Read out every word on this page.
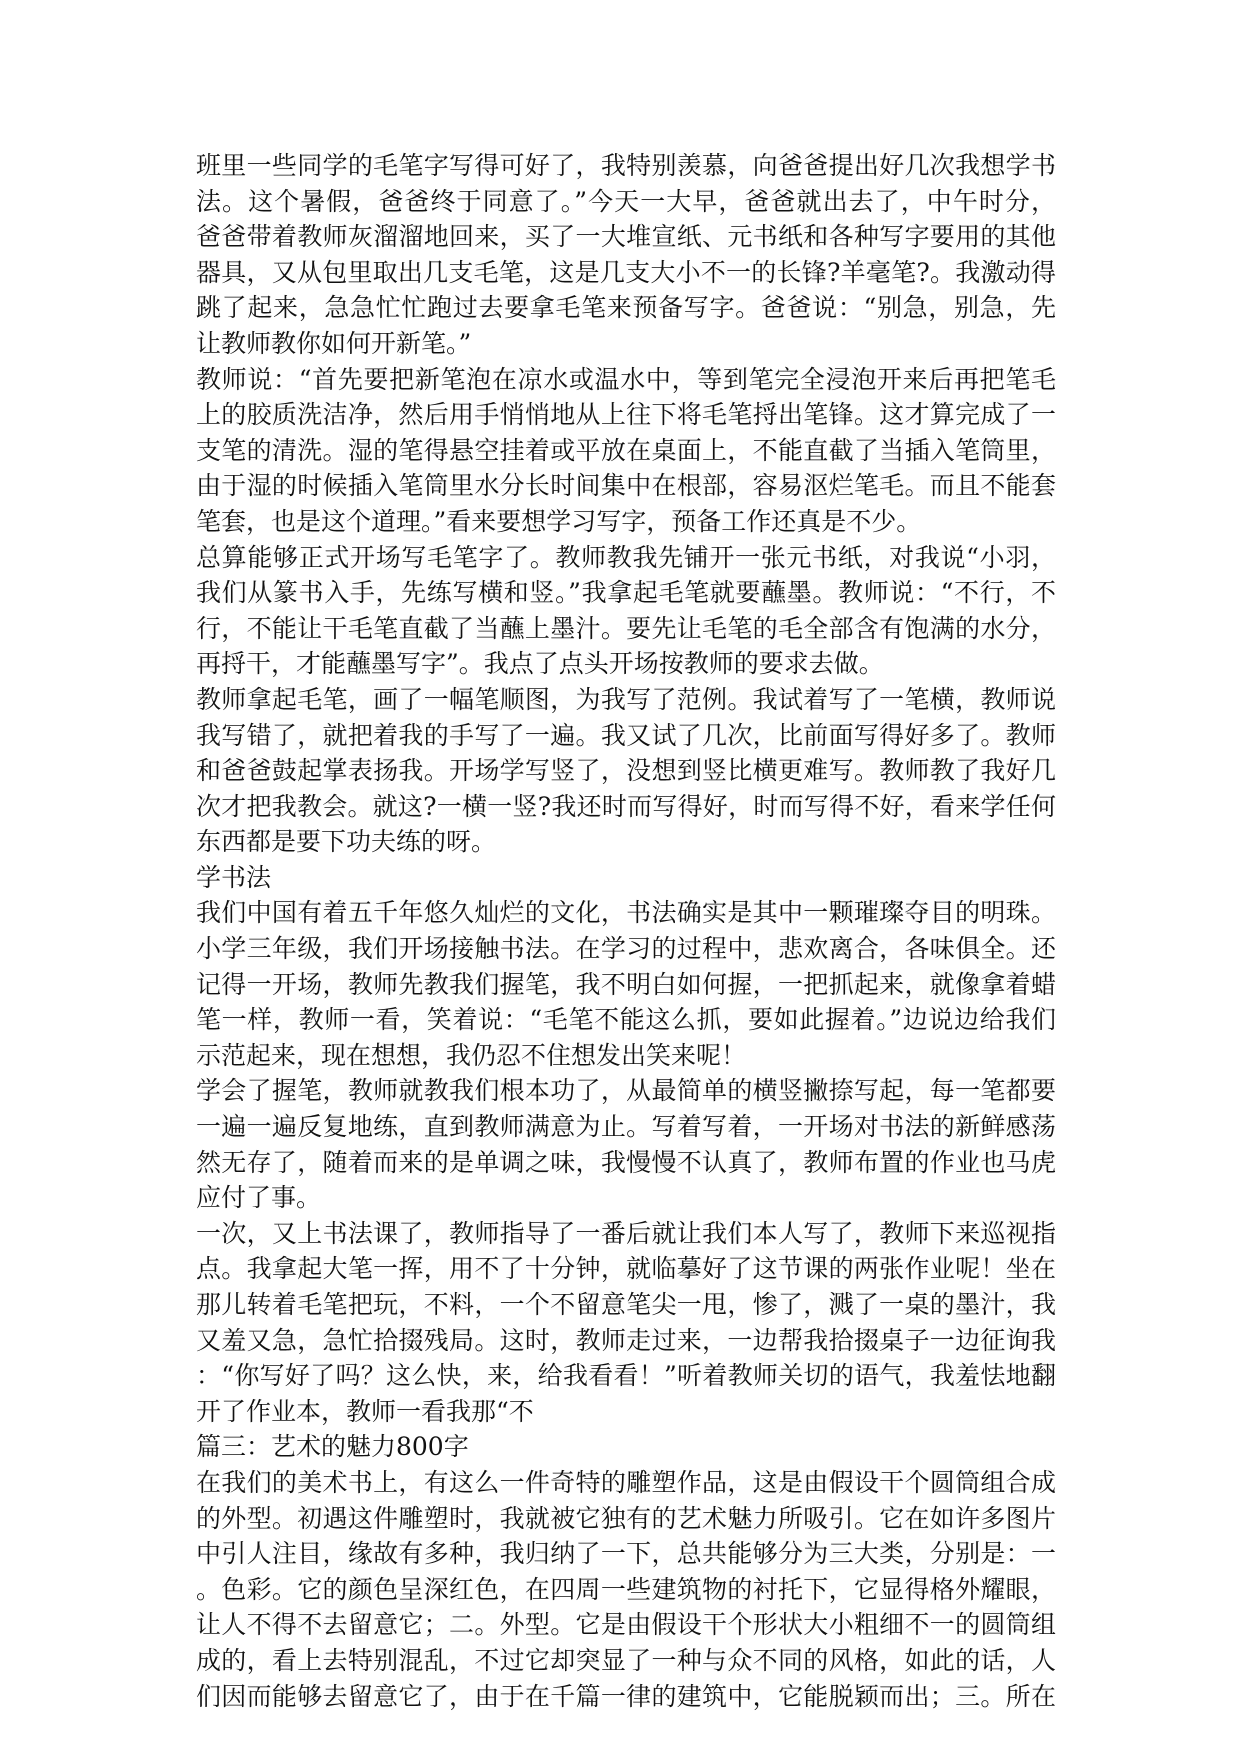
班里一些同学的毛笔字写得可好了，我特别羡慕，向爸爸提出好几次我想学书
法。这个暑假，爸爸终于同意了。”今天一大早，爸爸就出去了，中午时分，
爸爸带着教师灰溜溜地回来，买了一大堆宣纸、元书纸和各种写字要用的其他
器具，又从包里取出几支毛笔，这是几支大小不一的长锋?羊毫笔?。我激动得
跳了起来，急急忙忙跑过去要拿毛笔来预备写字。爸爸说：“别急，别急，先
让教师教你如何开新笔。”
教师说：“首先要把新笔泡在凉水或温水中，等到笔完全浸泡开来后再把笔毛
上的胶质洗洁净，然后用手悄悄地从上往下将毛笔捋出笔锋。这才算完成了一
支笔的清洗。湿的笔得悬空挂着或平放在桌面上，不能直截了当插入笔筒里，
由于湿的时候插入笔筒里水分长时间集中在根部，容易沤烂笔毛。而且不能套
笔套，也是这个道理。”看来要想学习写字，预备工作还真是不少。
总算能够正式开场写毛笔字了。教师教我先铺开一张元书纸，对我说“小羽，
我们从篆书入手，先练写横和竖。”我拿起毛笔就要蘸墨。教师说：“不行，不
行，不能让干毛笔直截了当蘸上墨汁。要先让毛笔的毛全部含有饱满的水分，
再捋干，才能蘸墨写字”。我点了点头开场按教师的要求去做。
教师拿起毛笔，画了一幅笔顺图，为我写了范例。我试着写了一笔横，教师说
我写错了，就把着我的手写了一遍。我又试了几次，比前面写得好多了。教师
和爸爸鼓起掌表扬我。开场学写竖了，没想到竖比横更难写。教师教了我好几
次才把我教会。就这?一横一竖?我还时而写得好，时而写得不好，看来学任何
东西都是要下功夫练的呀。
学书法
我们中国有着五千年悠久灿烂的文化，书法确实是其中一颗璀璨夺目的明珠。
小学三年级，我们开场接触书法。在学习的过程中，悲欢离合，各味俱全。还
记得一开场，教师先教我们握笔，我不明白如何握，一把抓起来，就像拿着蜡
笔一样，教师一看，笑着说：“毛笔不能这么抓，要如此握着。”边说边给我们
示范起来，现在想想，我仍忍不住想发出笑来呢！
学会了握笔，教师就教我们根本功了，从最简单的横竖撇捺写起，每一笔都要
一遍一遍反复地练，直到教师满意为止。写着写着，一开场对书法的新鲜感荡
然无存了，随着而来的是单调之味，我慢慢不认真了，教师布置的作业也马虎
应付了事。
一次，又上书法课了，教师指导了一番后就让我们本人写了，教师下来巡视指
点。我拿起大笔一挥，用不了十分钟，就临摹好了这节课的两张作业呢！坐在
那儿转着毛笔把玩，不料，一个不留意笔尖一甩，惨了，溅了一桌的墨汁，我
又羞又急，急忙拾掇残局。这时，教师走过来，一边帮我拾掇桌子一边征询我
：“你写好了吗？这么快，来，给我看看！”听着教师关切的语气，我羞怯地翻
开了作业本，教师一看我那“不
篇三：艺术的魅力800字
在我们的美术书上，有这么一件奇特的雕塑作品，这是由假设干个圆筒组合成
的外型。初遇这件雕塑时，我就被它独有的艺术魅力所吸引。它在如许多图片
中引人注目，缘故有多种，我归纳了一下，总共能够分为三大类，分别是：一
。色彩。它的颜色呈深红色，在四周一些建筑物的衬托下，它显得格外耀眼，
让人不得不去留意它；二。外型。它是由假设干个形状大小粗细不一的圆筒组
成的，看上去特别混乱，不过它却突显了一种与众不同的风格，如此的话，人
们因而能够去留意它了，由于在千篇一律的建筑中，它能脱颖而出；三。所在
